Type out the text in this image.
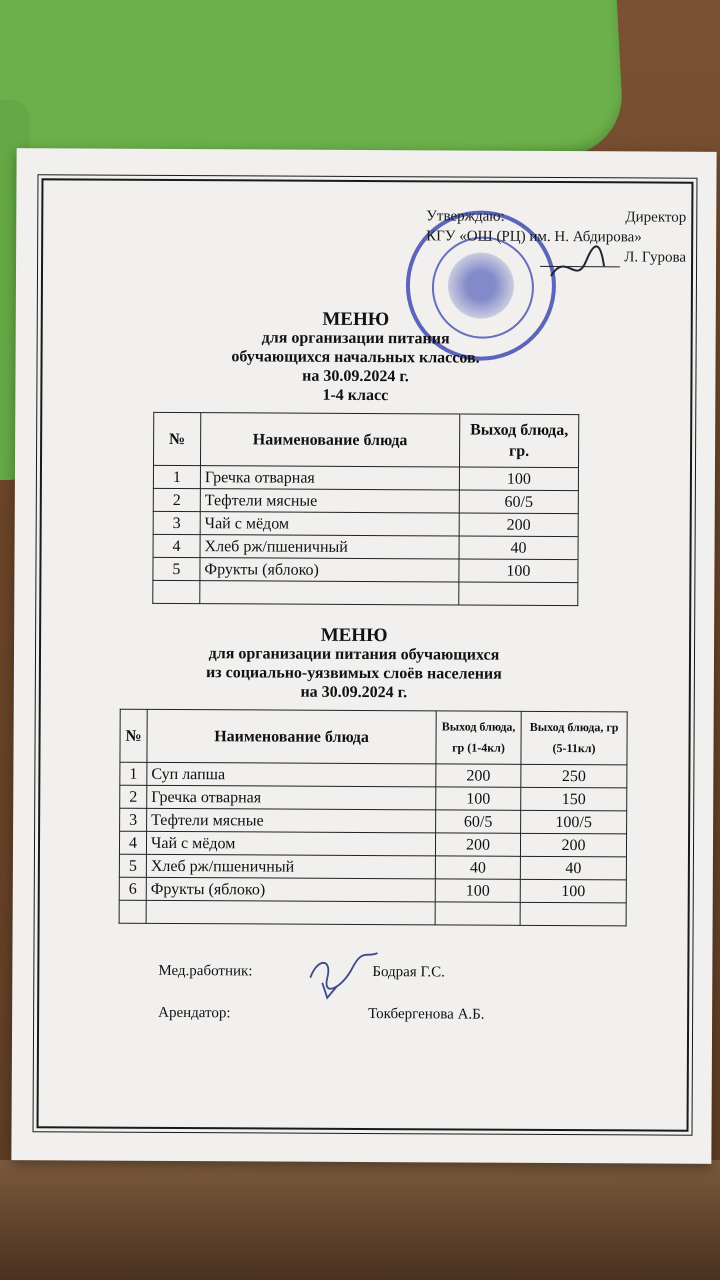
Утверждаю:	Директор
КГУ «ОШ (РЦ) им. Н. Абдирова»
Л. Гурова
МЕНЮ
для организации питания
обучающихся начальных классов.
на 30.09.2024 г.
1-4 класс
№	Наименование блюда	Выход блюда, гр.
1	Гречка отварная	100
2	Тефтели мясные	60/5
3	Чай с мёдом	200
4	Хлеб рж/пшеничный	40
5	Фрукты (яблоко)	100

МЕНЮ
для организации питания обучающихся
из социально-уязвимых слоёв населения
на 30.09.2024 г.
№	Наименование блюда	Выход блюда, гр (1-4кл)	Выход блюда, гр (5-11кл)
1	Суп лапша	200	250
2	Гречка отварная	100	150
3	Тефтели мясные	60/5	100/5
4	Чай с мёдом	200	200
5	Хлеб рж/пшеничный	40	40
6	Фрукты (яблоко)	100	100

Мед.работник:	Бодрая Г.С.
Арендатор:	Токбергенова А.Б.
